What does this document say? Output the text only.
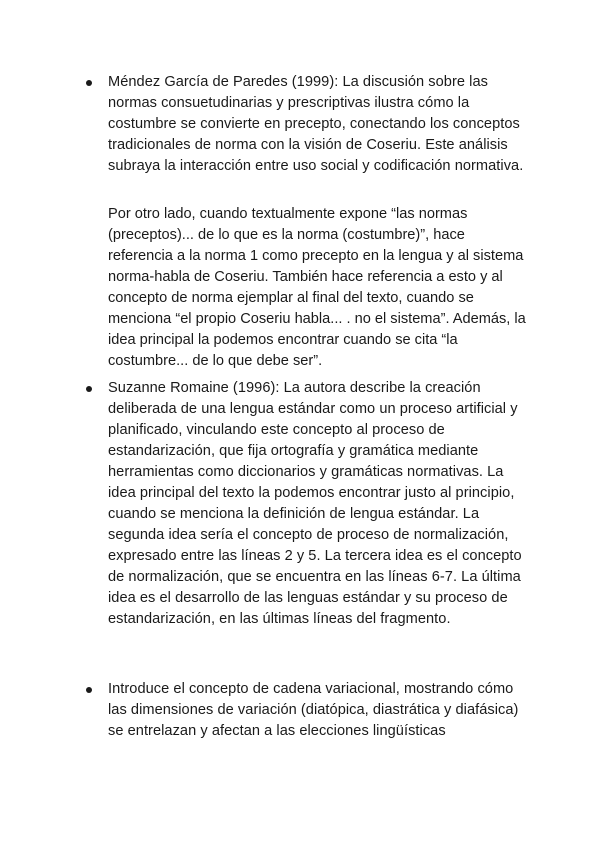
Méndez García de Paredes (1999): La discusión sobre las normas consuetudinarias y prescriptivas ilustra cómo la costumbre se convierte en precepto, conectando los conceptos tradicionales de norma con la visión de Coseriu. Este análisis subraya la interacción entre uso social y codificación normativa.

Por otro lado, cuando textualmente expone “las normas (preceptos)... de lo que es la norma (costumbre)”, hace referencia a la norma 1 como precepto en la lengua y al sistema norma-habla de Coseriu. También hace referencia a esto y al concepto de norma ejemplar al final del texto, cuando se menciona “el propio Coseriu habla... . no el sistema”. Además, la idea principal la podemos encontrar cuando se cita “la costumbre... de lo que debe ser”.

Suzanne Romaine (1996): La autora describe la creación deliberada de una lengua estándar como un proceso artificial y planificado, vinculando este concepto al proceso de estandarización, que fija ortografía y gramática mediante herramientas como diccionarios y gramáticas normativas. La idea principal del texto la podemos encontrar justo al principio, cuando se menciona la definición de lengua estándar. La segunda idea sería el concepto de proceso de normalización, expresado entre las líneas 2 y 5. La tercera idea es el concepto de normalización, que se encuentra en las líneas 6-7. La última idea es el desarrollo de las lenguas estándar y su proceso de estandarización, en las últimas líneas del fragmento.

Introduce el concepto de cadena variacional, mostrando cómo las dimensiones de variación (diatópica, diastrática y diafásica) se entrelazan y afectan a las elecciones lingüísticas
